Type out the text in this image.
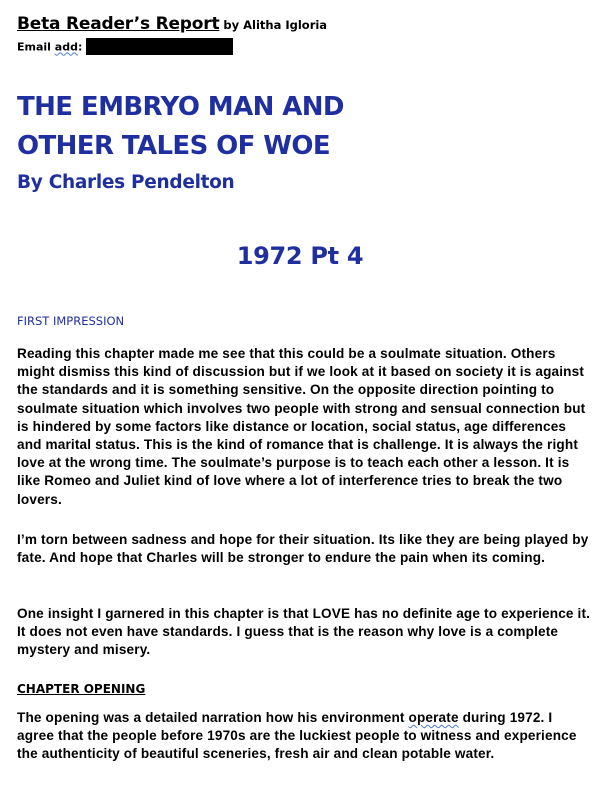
Beta Reader’s Report by Alitha Igloria
Email add:
THE EMBRYO MAN AND
OTHER TALES OF WOE
By Charles Pendelton
1972 Pt 4
FIRST IMPRESSION

Reading this chapter made me see that this could be a soulmate situation. Others might dismiss this kind of discussion but if we look at it based on society it is against the standards and it is something sensitive. On the opposite direction pointing to soulmate situation which involves two people with strong and sensual connection but is hindered by some factors like distance or location, social status, age differences and marital status. This is the kind of romance that is challenge. It is always the right love at the wrong time. The soulmate’s purpose is to teach each other a lesson. It is like Romeo and Juliet kind of love where a lot of interference tries to break the two lovers.

I’m torn between sadness and hope for their situation. Its like they are being played by fate. And hope that Charles will be stronger to endure the pain when its coming.

One insight I garnered in this chapter is that LOVE has no definite age to experience it. It does not even have standards. I guess that is the reason why love is a complete mystery and misery.

CHAPTER OPENING

The opening was a detailed narration how his environment operate during 1972. I agree that the people before 1970s are the luckiest people to witness and experience the authenticity of beautiful sceneries, fresh air and clean potable water.
